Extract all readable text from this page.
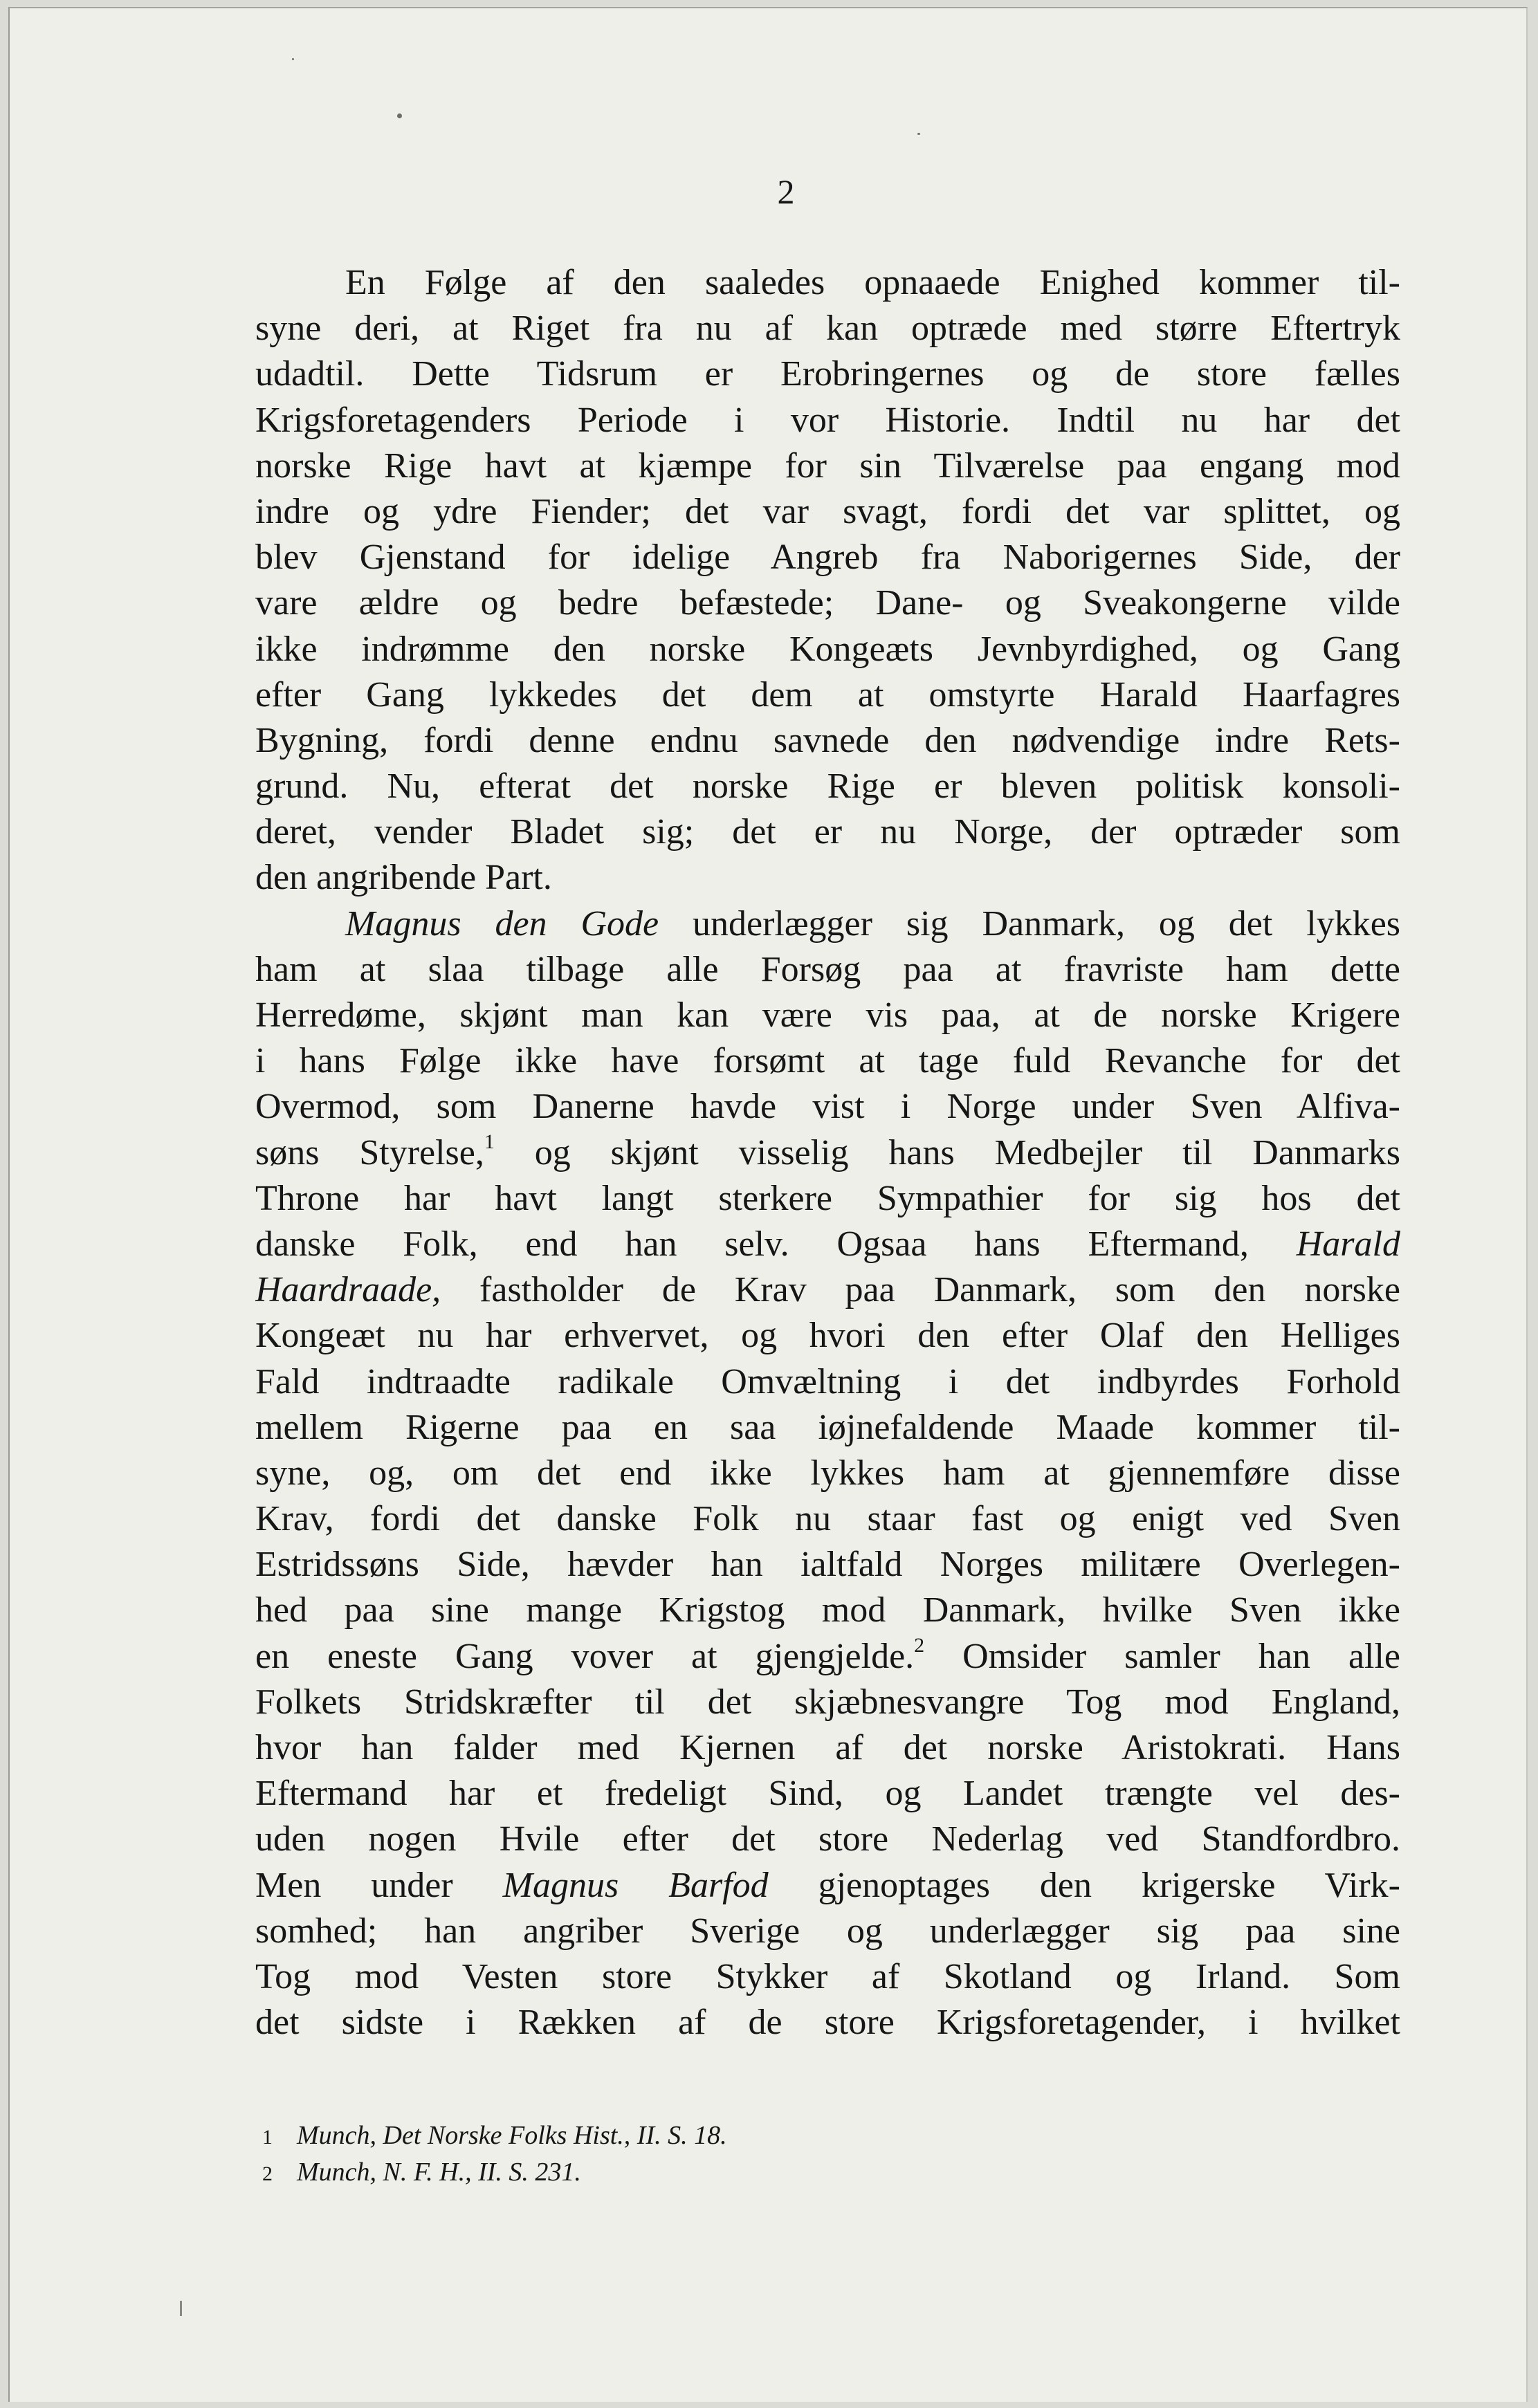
2
En Følge af den saaledes opnaaede Enighed kommer til-
syne deri, at Riget fra nu af kan optræde med større Eftertryk
udadtil. Dette Tidsrum er Erobringernes og de store fælles
Krigsforetagenders Periode i vor Historie. Indtil nu har det
norske Rige havt at kjæmpe for sin Tilværelse paa engang mod
indre og ydre Fiender; det var svagt, fordi det var splittet, og
blev Gjenstand for idelige Angreb fra Naborigernes Side, der
vare ældre og bedre befæstede; Dane- og Sveakongerne vilde
ikke indrømme den norske Kongeæts Jevnbyrdighed, og Gang
efter Gang lykkedes det dem at omstyrte Harald Haarfagres
Bygning, fordi denne endnu savnede den nødvendige indre Rets-
grund. Nu, efterat det norske Rige er bleven politisk konsoli-
deret, vender Bladet sig; det er nu Norge, der optræder som
den angribende Part.
Magnus den Gode underlægger sig Danmark, og det lykkes
ham at slaa tilbage alle Forsøg paa at fravriste ham dette
Herredøme, skjønt man kan være vis paa, at de norske Krigere
i hans Følge ikke have forsømt at tage fuld Revanche for det
Overmod, som Danerne havde vist i Norge under Sven Alfiva-
søns Styrelse,$^1$ og skjønt visselig hans Medbejler til Danmarks
Throne har havt langt sterkere Sympathier for sig hos det
danske Folk, end han selv. Ogsaa hans Eftermand, Harald
Haardraade, fastholder de Krav paa Danmark, som den norske
Kongeæt nu har erhvervet, og hvori den efter Olaf den Helliges
Fald indtraadte radikale Omvæltning i det indbyrdes Forhold
mellem Rigerne paa en saa iøjnefaldende Maade kommer til-
syne, og, om det end ikke lykkes ham at gjennemføre disse
Krav, fordi det danske Folk nu staar fast og enigt ved Sven
Estridssøns Side, hævder han ialtfald Norges militære Overlegen-
hed paa sine mange Krigstog mod Danmark, hvilke Sven ikke
en eneste Gang vover at gjengjelde.$^2$ Omsider samler han alle
Folkets Stridskræfter til det skjæbnesvangre Tog mod England,
hvor han falder med Kjernen af det norske Aristokrati. Hans
Eftermand har et fredeligt Sind, og Landet trængte vel des-
uden nogen Hvile efter det store Nederlag ved Standfordbro.
Men under Magnus Barfod gjenoptages den krigerske Virk-
somhed; han angriber Sverige og underlægger sig paa sine
Tog mod Vesten store Stykker af Skotland og Irland. Som
det sidste i Rækken af de store Krigsforetagender, i hvilket
1 Munch, Det Norske Folks Hist., II. S. 18.
2 Munch, N. F. H., II. S. 231.
